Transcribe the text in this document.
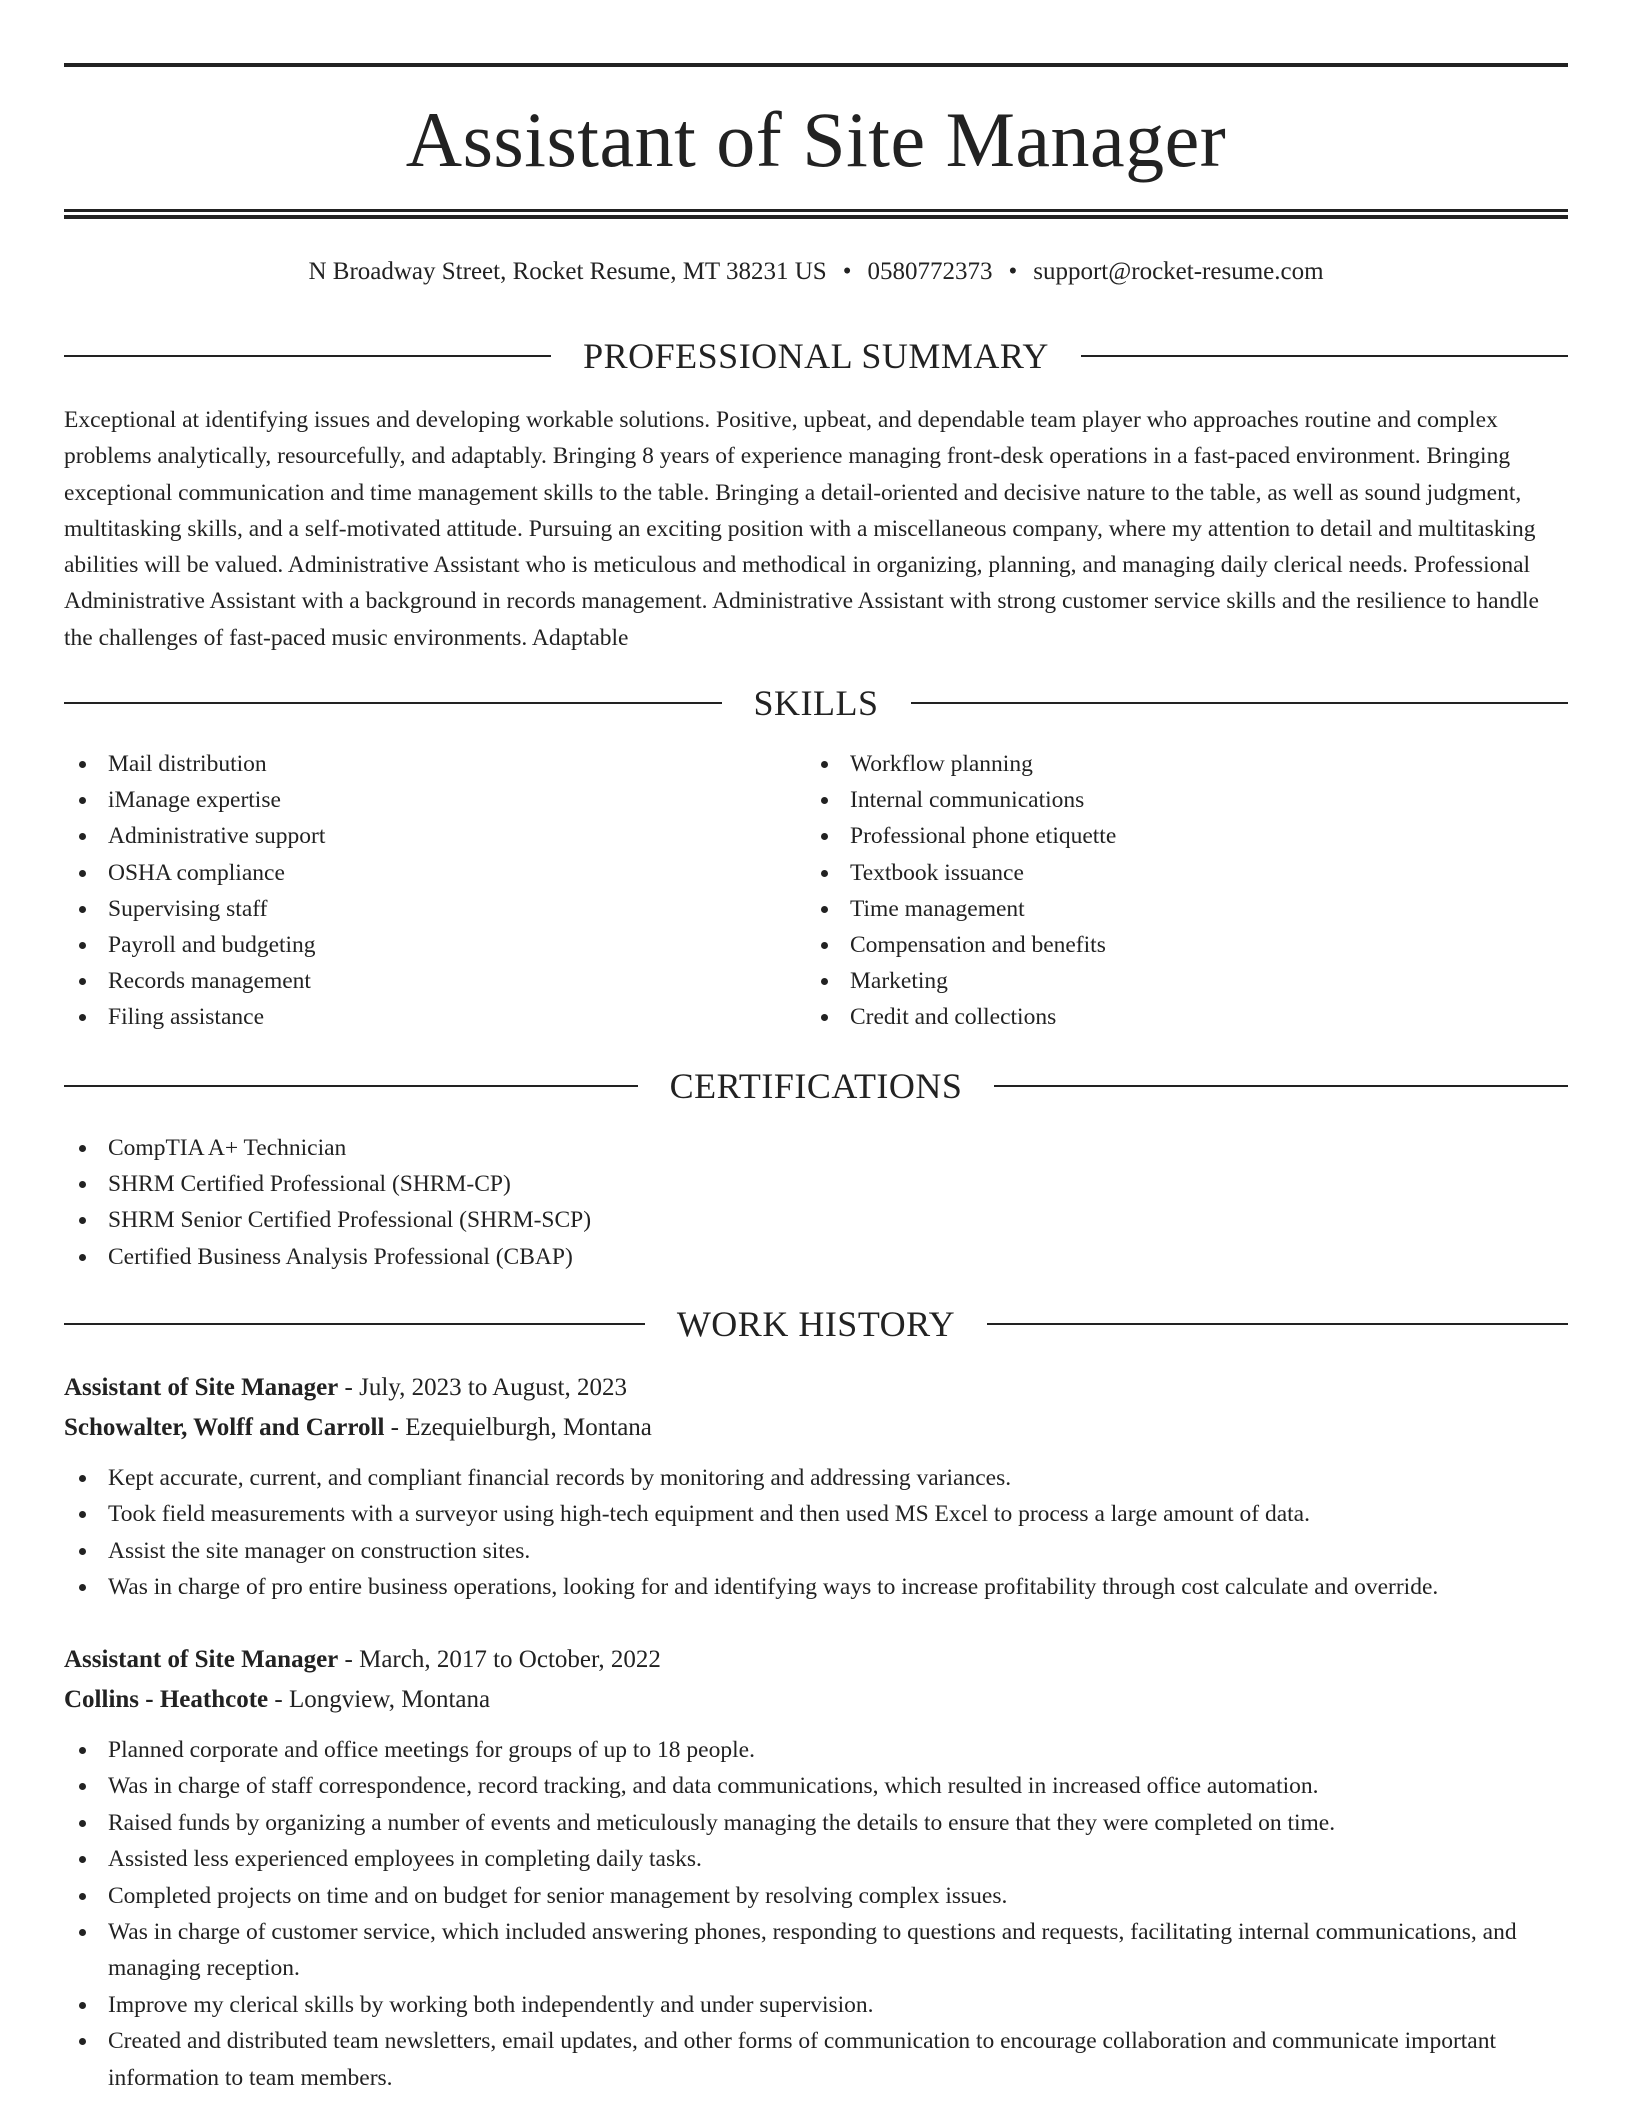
Assistant of Site Manager
N Broadway Street, Rocket Resume, MT 38231 US • 0580772373 • support@rocket-resume.com
PROFESSIONAL SUMMARY

Exceptional at identifying issues and developing workable solutions. Positive, upbeat, and dependable team player who approaches routine and complex problems analytically, resourcefully, and adaptably. Bringing 8 years of experience managing front-desk operations in a fast-paced environment. Bringing exceptional communication and time management skills to the table. Bringing a detail-oriented and decisive nature to the table, as well as sound judgment, multitasking skills, and a self-motivated attitude. Pursuing an exciting position with a miscellaneous company, where my attention to detail and multitasking abilities will be valued. Administrative Assistant who is meticulous and methodical in organizing, planning, and managing daily clerical needs. Professional Administrative Assistant with a background in records management. Administrative Assistant with strong customer service skills and the resilience to handle the challenges of fast-paced music environments. Adaptable

SKILLS
Mail distribution
iManage expertise
Administrative support
OSHA compliance
Supervising staff
Payroll and budgeting
Records management
Filing assistance
Workflow planning
Internal communications
Professional phone etiquette
Textbook issuance
Time management
Compensation and benefits
Marketing
Credit and collections
CERTIFICATIONS
CompTIA A+ Technician
SHRM Certified Professional (SHRM-CP)
SHRM Senior Certified Professional (SHRM-SCP)
Certified Business Analysis Professional (CBAP)
WORK HISTORY
Assistant of Site Manager - July, 2023 to August, 2023
Schowalter, Wolff and Carroll - Ezequielburgh, Montana
Kept accurate, current, and compliant financial records by monitoring and addressing variances.
Took field measurements with a surveyor using high-tech equipment and then used MS Excel to process a large amount of data.
Assist the site manager on construction sites.
Was in charge of pro entire business operations, looking for and identifying ways to increase profitability through cost calculate and override.
Assistant of Site Manager - March, 2017 to October, 2022
Collins - Heathcote - Longview, Montana
Planned corporate and office meetings for groups of up to 18 people.
Was in charge of staff correspondence, record tracking, and data communications, which resulted in increased office automation.
Raised funds by organizing a number of events and meticulously managing the details to ensure that they were completed on time.
Assisted less experienced employees in completing daily tasks.
Completed projects on time and on budget for senior management by resolving complex issues.
Was in charge of customer service, which included answering phones, responding to questions and requests, facilitating internal communications, and managing reception.
Improve my clerical skills by working both independently and under supervision.
Created and distributed team newsletters, email updates, and other forms of communication to encourage collaboration and communicate important information to team members.
